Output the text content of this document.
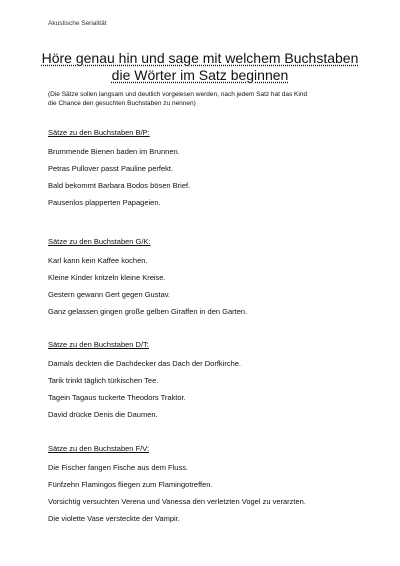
Akustische Serialität
Höre genau hin und sage mit welchem Buchstaben
die Wörter im Satz beginnen
(Die Sätze sollen langsam und deutlich vorgelesen werden, nach jedem Satz hat das Kind
die Chance den gesuchten Buchstaben zu nennen)
Sätze zu den Buchstaben B/P:
Brummende Bienen baden im Brunnen.
Petras Pullover passt Pauline perfekt.
Bald bekommt Barbara Bodos bösen Brief.
Pausenlos plapperten Papageien.
Sätze zu den Buchstaben G/K:
Karl kann kein Kaffee kochen.
Kleine Kinder kritzeln kleine Kreise.
Gestern gewann Gert gegen Gustav.
Ganz gelassen gingen große gelben Giraffen in den Garten.
Sätze zu den Buchstaben D/T:
Damals deckten die Dachdecker das Dach der Dorfkirche.
Tarik trinkt täglich türkischen Tee.
Tagein Tagaus tuckerte Theodors Traktor.
David drücke Denis die Daumen.
Sätze zu den Buchstaben F/V:
Die Fischer fangen Fische aus dem Fluss.
Fünfzehn Flamingos fliegen zum Flamingotreffen.
Vorsichtig versuchten Verena und Vanessa den verletzten Vogel zu verarzten.
Die violette Vase versteckte der Vampir.
